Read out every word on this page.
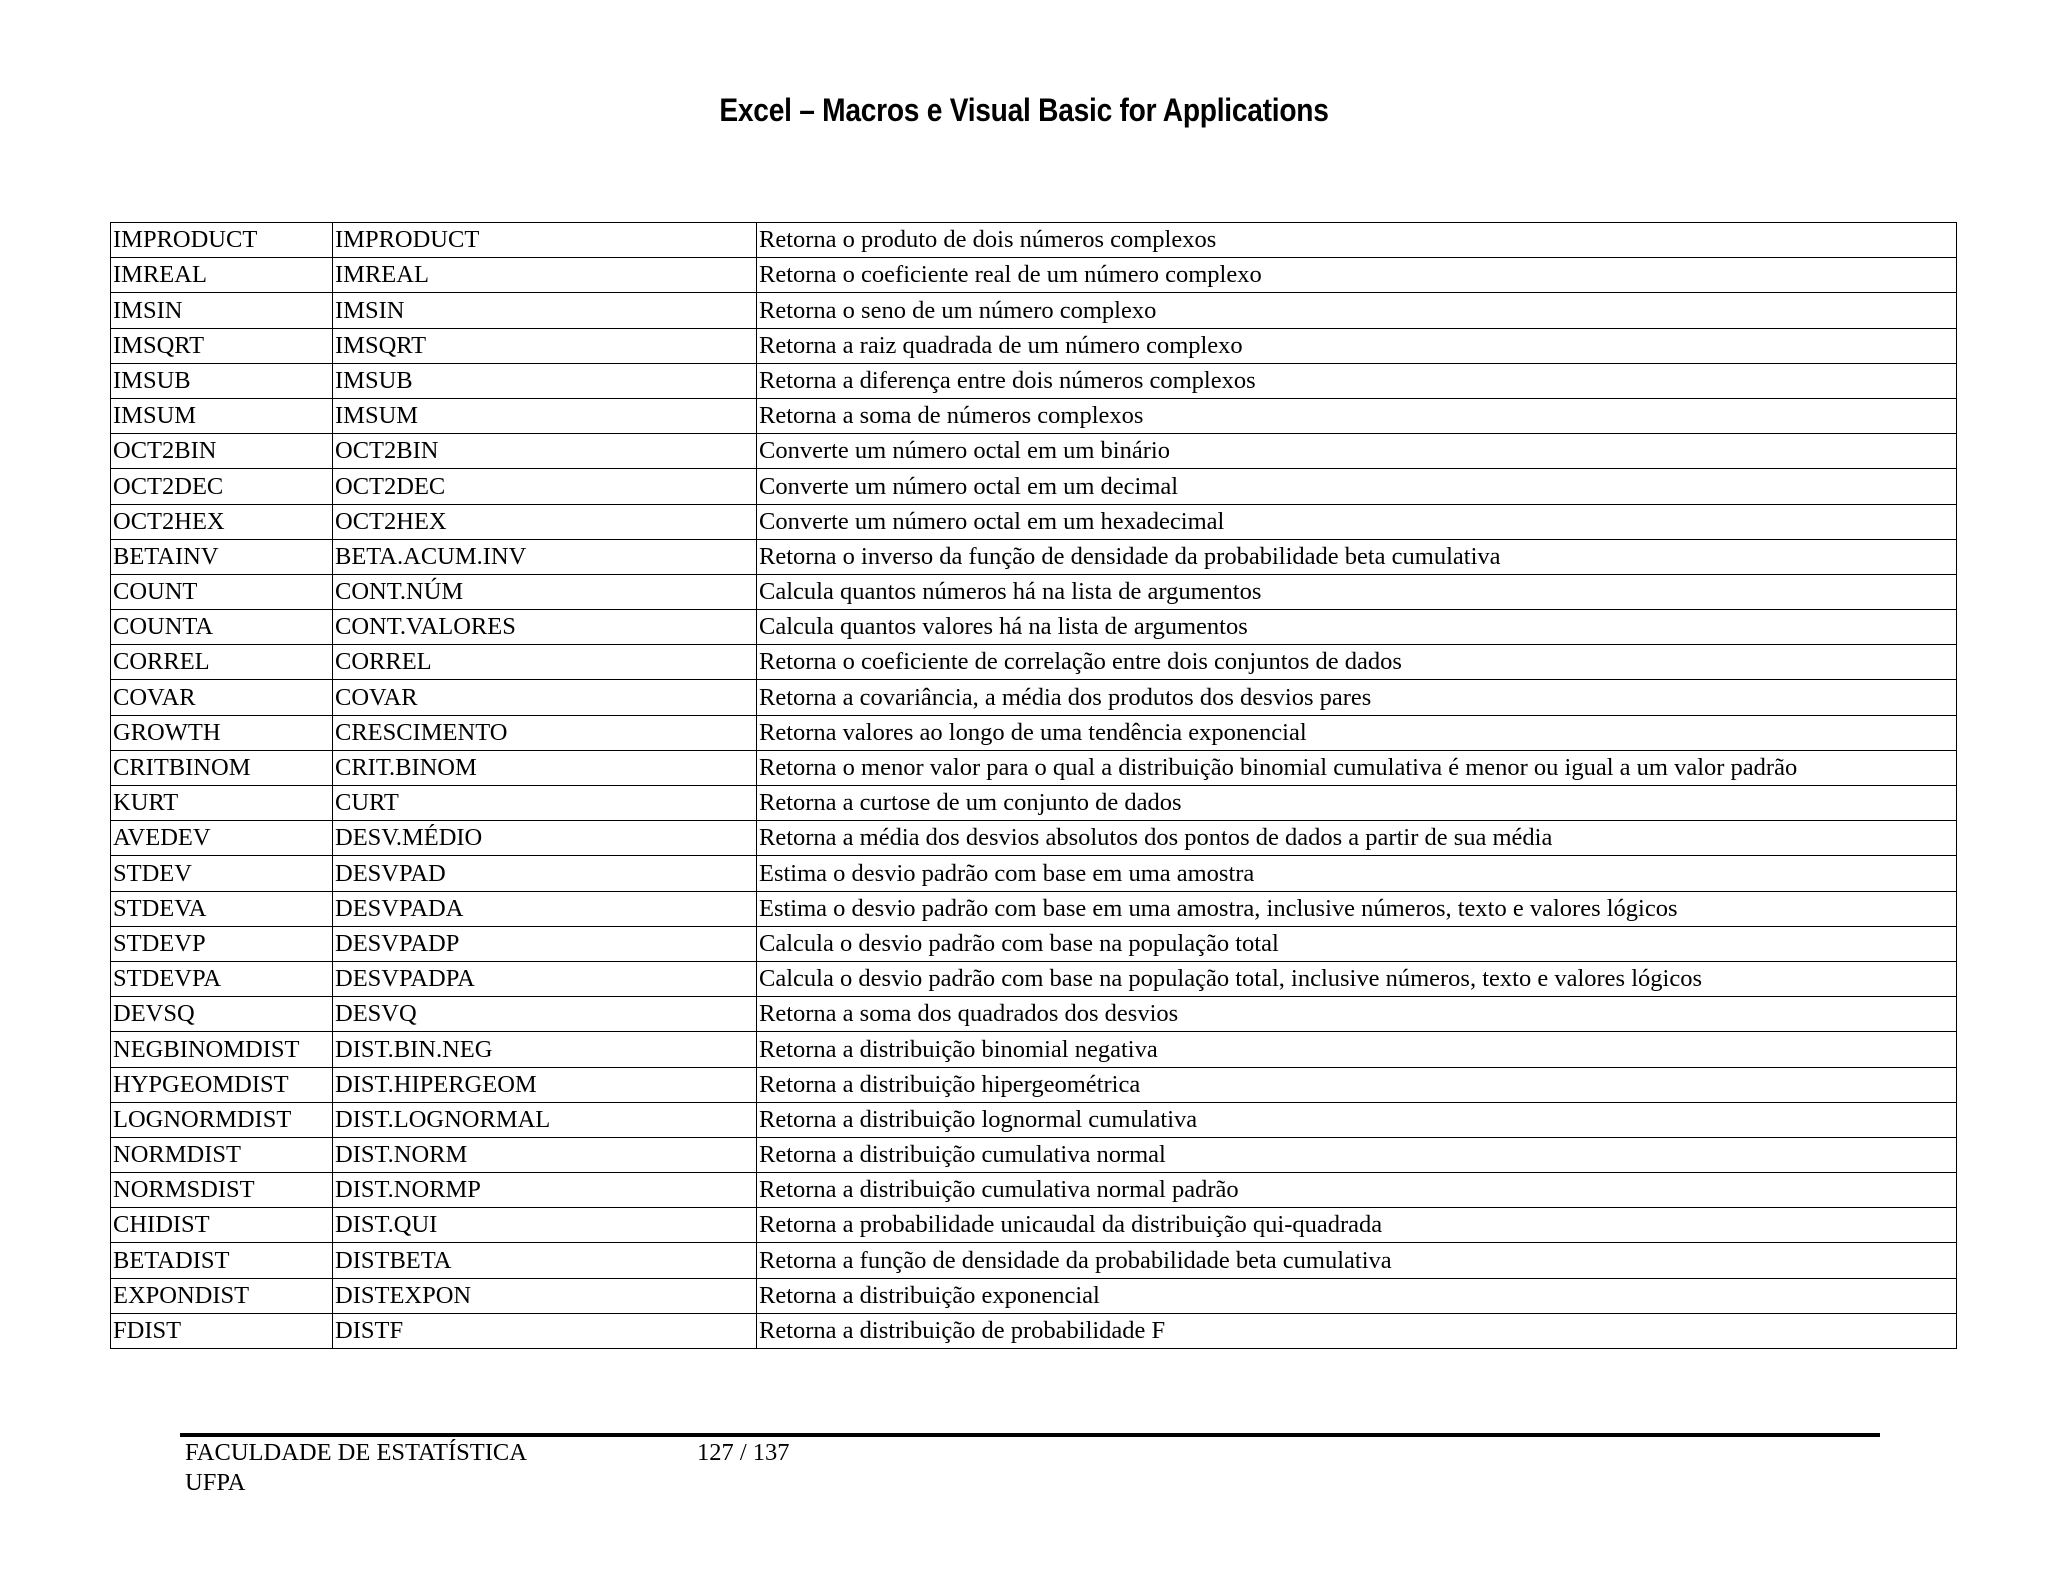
Excel – Macros e Visual Basic for Applications
IMPRODUCT	IMPRODUCT	Retorna o produto de dois números complexos
IMREAL	IMREAL	Retorna o coeficiente real de um número complexo
IMSIN	IMSIN	Retorna o seno de um número complexo
IMSQRT	IMSQRT	Retorna a raiz quadrada de um número complexo
IMSUB	IMSUB	Retorna a diferença entre dois números complexos
IMSUM	IMSUM	Retorna a soma de números complexos
OCT2BIN	OCT2BIN	Converte um número octal em um binário
OCT2DEC	OCT2DEC	Converte um número octal em um decimal
OCT2HEX	OCT2HEX	Converte um número octal em um hexadecimal
BETAINV	BETA.ACUM.INV	Retorna o inverso da função de densidade da probabilidade beta cumulativa
COUNT	CONT.NÚM	Calcula quantos números há na lista de argumentos
COUNTA	CONT.VALORES	Calcula quantos valores há na lista de argumentos
CORREL	CORREL	Retorna o coeficiente de correlação entre dois conjuntos de dados
COVAR	COVAR	Retorna a covariância, a média dos produtos dos desvios pares
GROWTH	CRESCIMENTO	Retorna valores ao longo de uma tendência exponencial
CRITBINOM	CRIT.BINOM	Retorna o menor valor para o qual a distribuição binomial cumulativa é menor ou igual a um valor padrão
KURT	CURT	Retorna a curtose de um conjunto de dados
AVEDEV	DESV.MÉDIO	Retorna a média dos desvios absolutos dos pontos de dados a partir de sua média
STDEV	DESVPAD	Estima o desvio padrão com base em uma amostra
STDEVA	DESVPADA	Estima o desvio padrão com base em uma amostra, inclusive números, texto e valores lógicos
STDEVP	DESVPADP	Calcula o desvio padrão com base na população total
STDEVPA	DESVPADPA	Calcula o desvio padrão com base na população total, inclusive números, texto e valores lógicos
DEVSQ	DESVQ	Retorna a soma dos quadrados dos desvios
NEGBINOMDIST	DIST.BIN.NEG	Retorna a distribuição binomial negativa
HYPGEOMDIST	DIST.HIPERGEOM	Retorna a distribuição hipergeométrica
LOGNORMDIST	DIST.LOGNORMAL	Retorna a distribuição lognormal cumulativa
NORMDIST	DIST.NORM	Retorna a distribuição cumulativa normal
NORMSDIST	DIST.NORMP	Retorna a distribuição cumulativa normal padrão
CHIDIST	DIST.QUI	Retorna a probabilidade unicaudal da distribuição qui-quadrada
BETADIST	DISTBETA	Retorna a função de densidade da probabilidade beta cumulativa
EXPONDIST	DISTEXPON	Retorna a distribuição exponencial
FDIST	DISTF	Retorna a distribuição de probabilidade F
FACULDADE DE ESTATÍSTICA
UFPA
127 / 137
